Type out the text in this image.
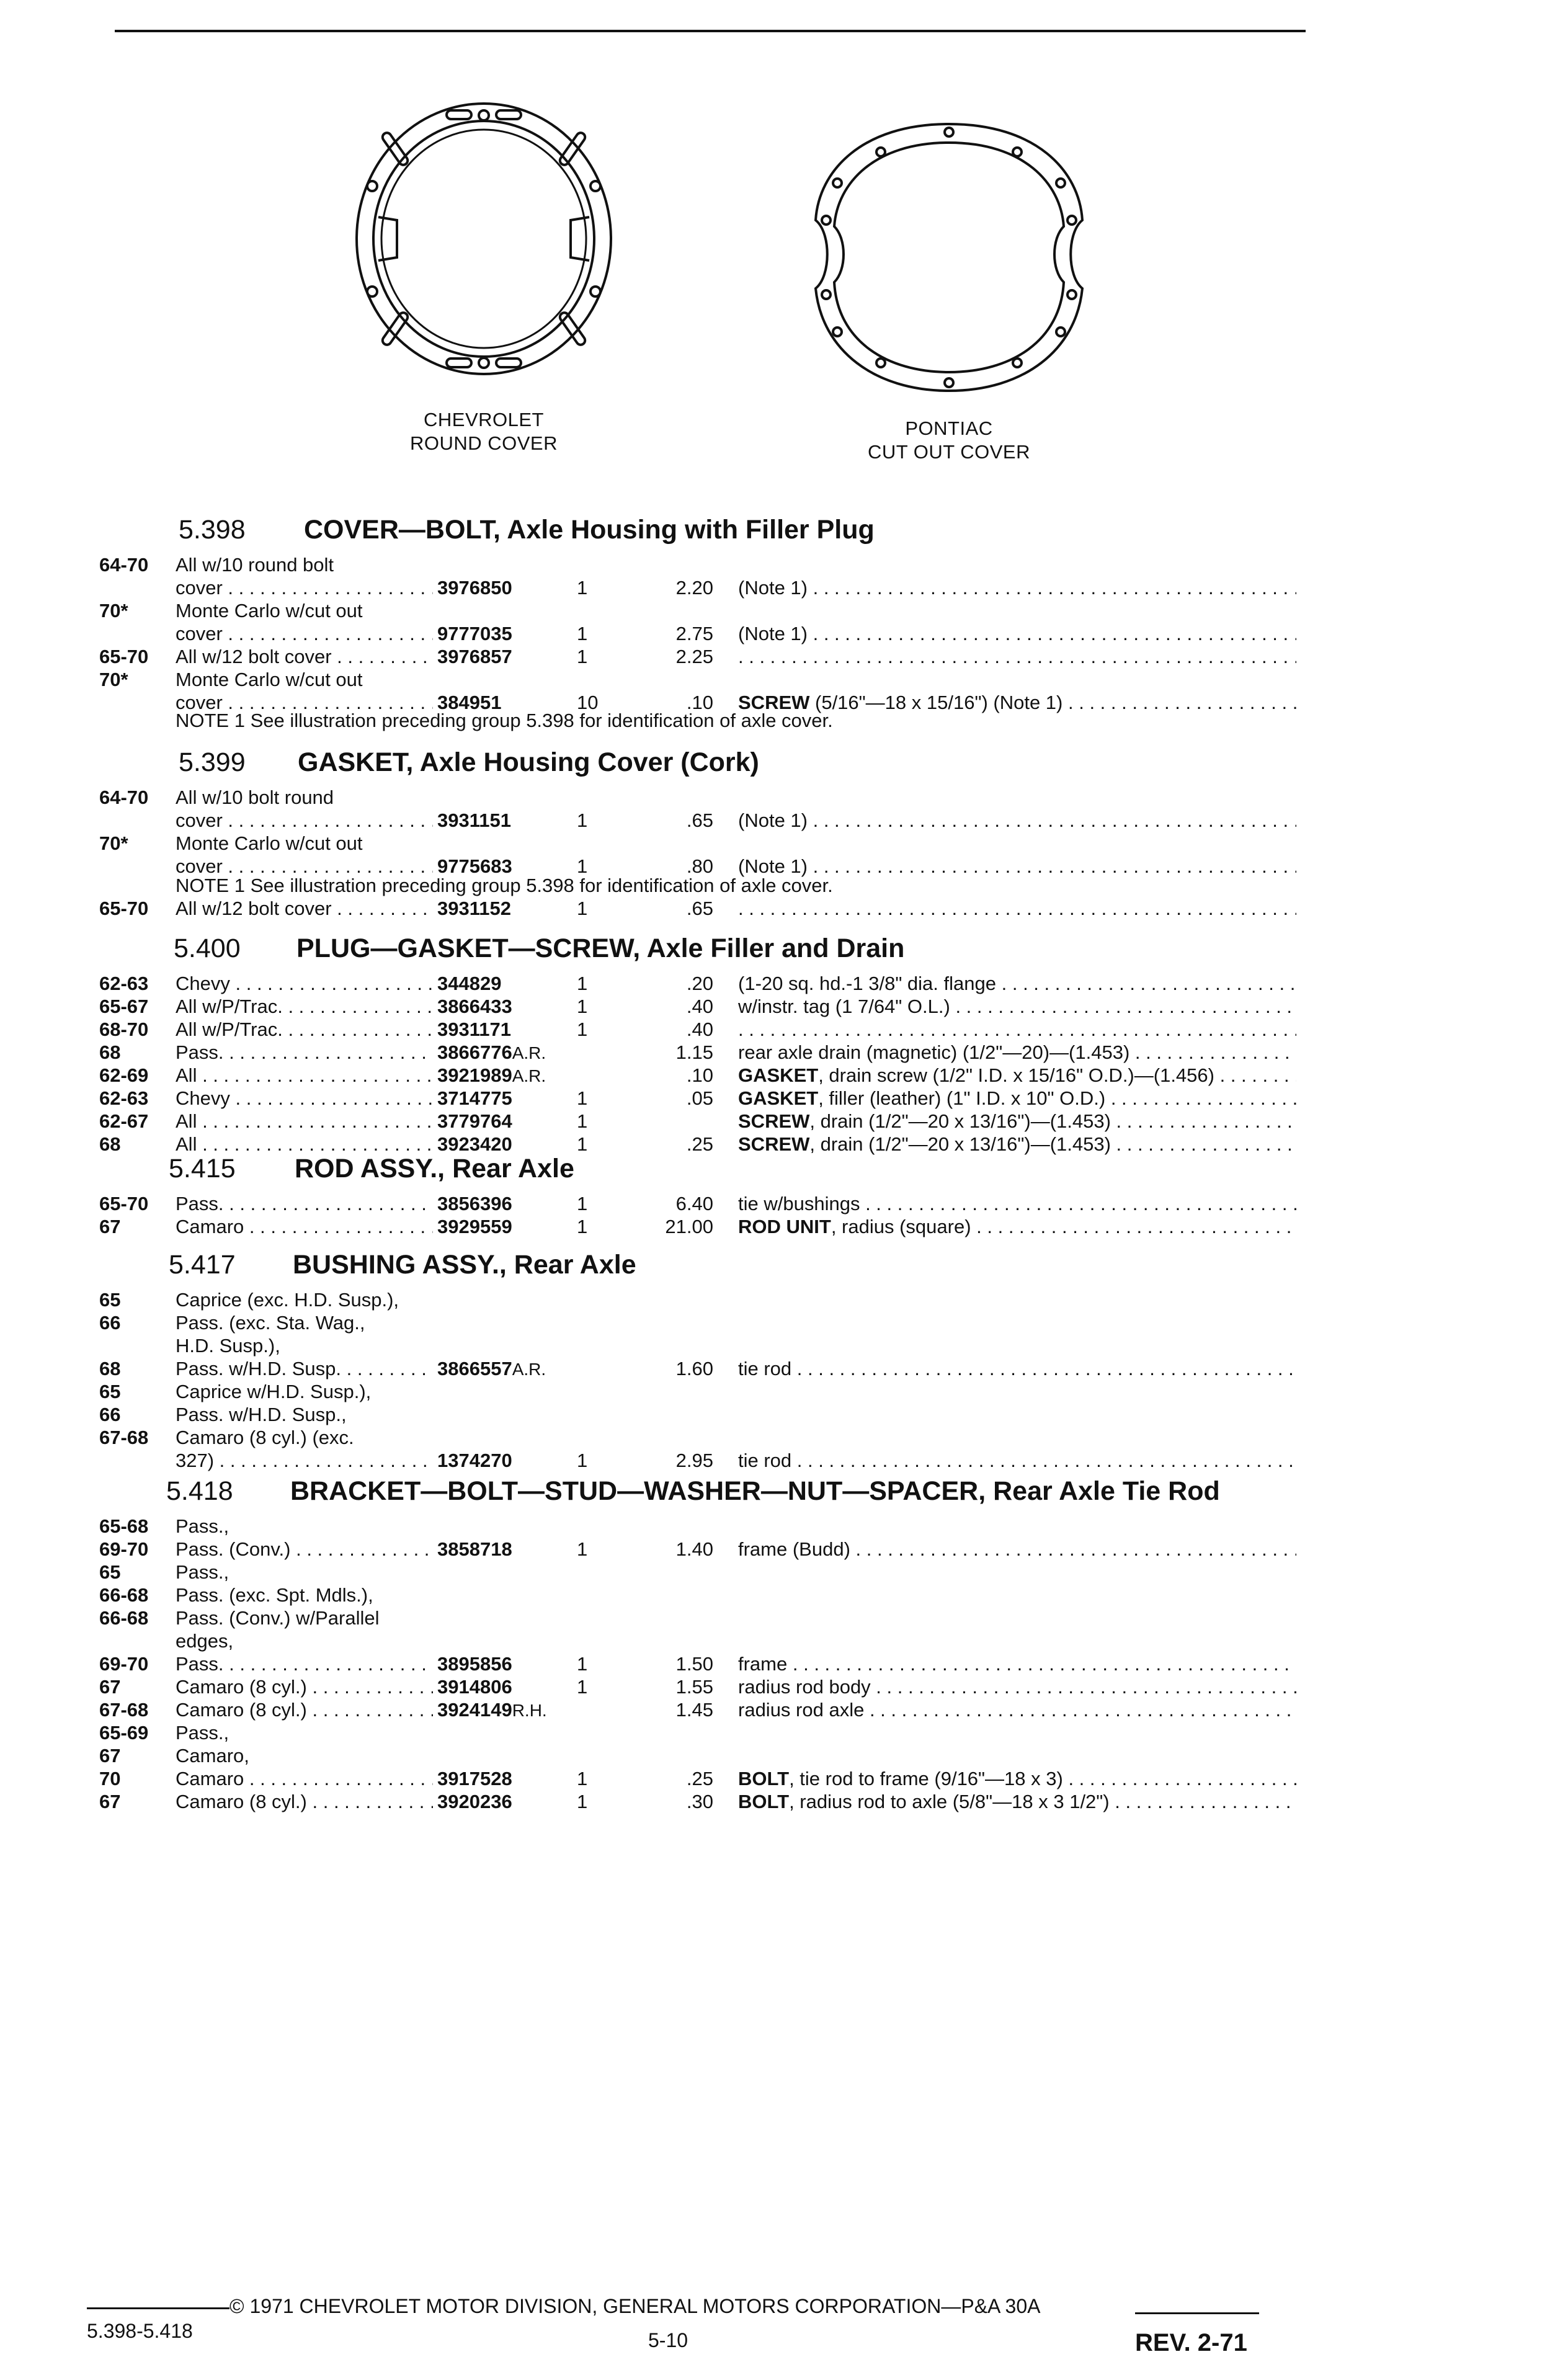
CHEVROLET
ROUND COVER
PONTIAC
CUT OUT COVER
5.398 COVER—BOLT, Axle Housing with Filler Plug
64-70 All w/10 round bolt
cover . . .	3976850	1	2.20 (Note 1) . . .
70* Monte Carlo w/cut out
cover . . .	9777035	1	2.75 (Note 1) . . .
65-70 All w/12 bolt cover . . .	3976857	1	2.25
. . .
70* Monte Carlo w/cut out
cover . . .	384951	10	.10 SCREW (5/16"—18 x 15/16") (Note 1) . . .
NOTE 1 See illustration preceding group 5.398 for identification of axle cover.
5.399 GASKET, Axle Housing Cover (Cork)
64-70 All w/10 bolt round
cover . . .	3931151	1	.65 (Note 1) . . .
70* Monte Carlo w/cut out
cover . . .	9775683	1	.80 (Note 1) . . .
NOTE 1 See illustration preceding group 5.398 for identification of axle cover.
65-70 All w/12 bolt cover . . .	3931152	1	.65
. . .
5.400 PLUG—GASKET—SCREW, Axle Filler and Drain
62-63 Chevy . . .	344829	1	.20 (1-20 sq. hd.-1 3/8" dia. flange . . .
65-67 All w/P/Trac. . . .	3866433	1	.40 w/instr. tag (1 7/64" O.L.) . . .
68-70 All w/P/Trac. . . .	3931171	1	.40
. . .
68	Pass. . . .	3866776A.R.	1.15 rear axle drain (magnetic) (1/2"—20)—(1.453) . . .
62-69 All . . .	3921989A.R.	.10 GASKET, drain screw (1/2" I.D. x 15/16" O.D.)—(1.456) . . .
62-63 Chevy . . .	3714775	1	.05 GASKET, filler (leather) (1" I.D. x 10" O.D.) . . .
62-67 All . . .	3779764	1	SCREW, drain (1/2"—20 x 13/16")—(1.453) . . .
68	All . . .	3923420	1	.25 SCREW, drain (1/2"—20 x 13/16")—(1.453) . . .
5.415 ROD ASSY., Rear Axle
65-70 Pass. . . .	3856396	1	6.40 tie w/bushings . . .
67	Camaro . . .	3929559	1	21.00 ROD UNIT, radius (square) . . .
5.417 BUSHING ASSY., Rear Axle
65	Caprice (exc. H.D. Susp.),
66	Pass. (exc. Sta. Wag.,
H.D. Susp.),
68	Pass. w/H.D. Susp. . . .	3866557A.R.	1.60 tie rod . . .
65	Caprice w/H.D. Susp.),
66	Pass. w/H.D. Susp.,
67-68 Camaro (8 cyl.) (exc.
327) . . .	1374270	1	2.95 tie rod . . .
5.418 BRACKET—BOLT—STUD—WASHER—NUT—SPACER, Rear Axle Tie Rod
65-68 Pass.,
69-70 Pass. (Conv.) . . .	3858718	1	1.40 frame (Budd) . . .
65	Pass.,
66-68 Pass. (exc. Spt. Mdls.),
66-68 Pass. (Conv.) w/Parallel
edges,
69-70 Pass. . . .	3895856	1	1.50 frame . . .
67	Camaro (8 cyl.) . . .	3914806	1	1.55 radius rod body . . .
67-68 Camaro (8 cyl.) . . .	3924149R.H.	1.45 radius rod axle . . .
65-69 Pass.,
67	Camaro,
70	Camaro . . .	3917528	1	.25 BOLT, tie rod to frame (9/16"—18 x 3) . . .
67	Camaro (8 cyl.) . . .	3920236	1	.30 BOLT, radius rod to axle (5/8"—18 x 3 1/2") . . .
© 1971 CHEVROLET MOTOR DIVISION, GENERAL MOTORS CORPORATION—P&A 30A
5.398-5.418	5-10	REV. 2-71
